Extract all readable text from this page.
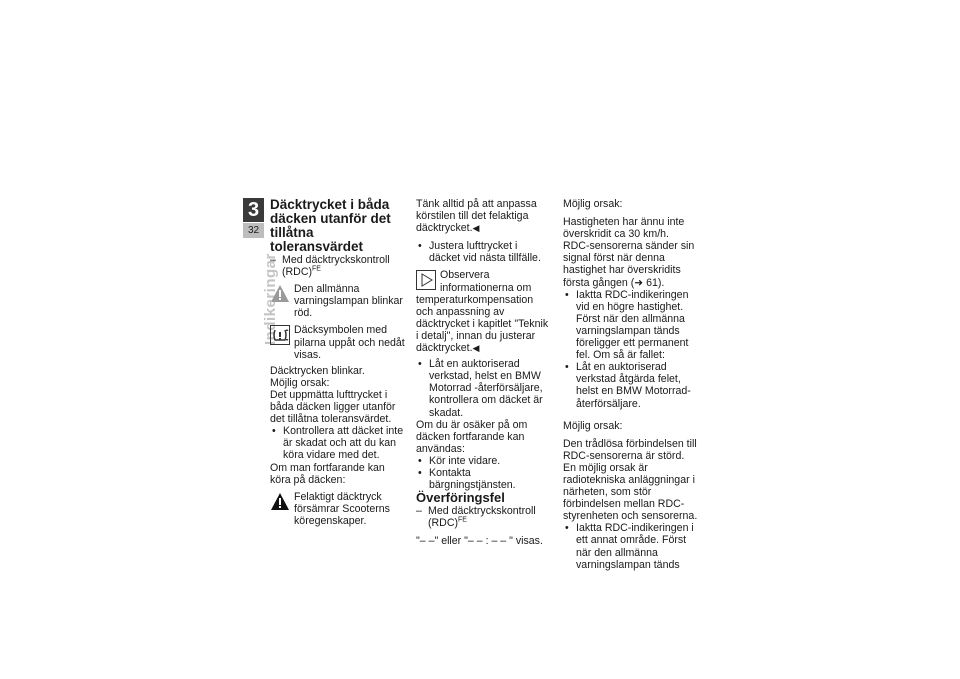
3
32
Indikeringar

Däcktrycket i båda däcken utanför det tillåtna toleransvärdet

– Med däcktryckskontroll (RDC)$^{FE}$

Den allmänna varningslampan blinkar röd.
Däcksymbolen med pilarna uppåt och nedåt visas.

Däcktrycken blinkar.

Möjlig orsak:

Det uppmätta lufttrycket i båda däcken ligger utanför det tillåtna toleransvärdet.

• Kontrollera att däcket inte är skadat och att du kan köra vidare med det.

Om man fortfarande kan köra på däcken:

Felaktigt däcktryck försämrar Scooterns köregenskaper.

Tänk alltid på att anpassa körstilen till det felaktiga däcktrycket.◀

• Justera lufttrycket i däcket vid nästa tillfälle.

Observera informationerna om temperaturkompensation och anpassning av däcktrycket i kapitlet "Teknik i detalj", innan du justerar däcktrycket.◀

• Låt en auktoriserad verkstad, helst en BMW Motorrad -återförsäljare, kontrollera om däcket är skadat.

Om du är osäker på om däcken fortfarande kan användas:

• Kör inte vidare.

• Kontakta bärgningstjänsten.

Överföringsfel

– Med däcktryckskontroll (RDC)$^{FE}$

"– –" eller "– – : – – " visas.

Möjlig orsak:

Hastigheten har ännu inte överskridit ca 30 km/h. RDC-sensorerna sänder sin signal först när denna hastighet har överskridits första gången (➜ 61).

• Iaktta RDC-indikeringen vid en högre hastighet. Först när den allmänna varningslampan tänds föreligger ett permanent fel. Om så är fallet:

• Låt en auktoriserad verkstad åtgärda felet, helst en BMW Motorrad-återförsäljare.

Möjlig orsak:

Den trådlösa förbindelsen till RDC-sensorerna är störd. En möjlig orsak är radiotekniska anläggningar i närheten, som stör förbindelsen mellan RDC-styrenheten och sensorerna.

• Iaktta RDC-indikeringen i ett annat område. Först när den allmänna varningslampan tänds
